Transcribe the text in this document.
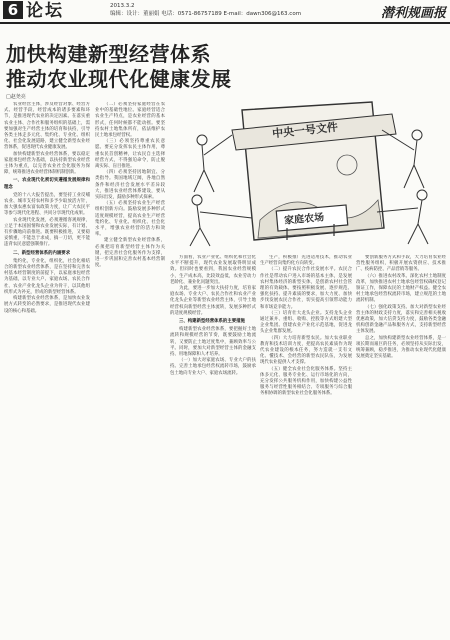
6 论坛	2013.3.2
编辑：设计：董丽娟 电话：0571-86757189 E-mail：dawn306@163.com	潜利规画报
加快构建新型经营体系
推动农业现代化健康发展
□赵尧亮
中央一号文件
家庭农场

农业经营主体，涉及经营对象、经营方式、经营手段、经营成本的诸多要素和环节，是推进现代农业的决定因素。在落实重农业主体、合作社和服务组织的基础上，需要加强对生产经营主体的培育和扶持，引导各类主体走多元化、集约化、专业化、组织化、社会化发展道路，建立健全新型农业经营体系，促进现代农业健康发展。

加快构建新型农业经营体系，要以稳定家庭承包经营为基础，以扶持新型农业经营主体为重点，以完善农业社会化服务为保障，统筹推进农业经营体制机制创新。

一、农业现代化须切实遵循发展规律和理念

党的十八大报告提出，要坚持工业反哺农业、城市支持农村和多予少取放活方针，加大强农惠农富农政策力度，让广大农民平等参与现代化进程、共同分享现代化成果。

农业现代化发展，必须遵循客观规律，立足于本国国情和农业发展实际，有计划、有步骤地向前推进。既要积极推进，又要稳妥慎重，不能急于求成，搞一刀切，更不能违背农民意愿强制推行。

二、新型经营体系的内涵要求

集约化，专业化，组织化，社会化相结合的新型农业经营体系，是在坚持和完善农村基本经营制度的前提下，以家庭承包经营为基础，以专业大户、家庭农场、农民合作社、农业产业化龙头企业为骨干，以其他组织形式为补充，形成的新型经营体系。

构建新型农业经营体系，是加快农业发展方式转变的必然要求，是推进现代农业建设的核心和基础。

（二）必须坚持家庭经营在农业中的基础性地位。家庭经营适合农业生产特点，是农业经营的基本形式，任何时候都不能动摇。要坚持农村土地集体所有，依法维护农民土地承包经营权。

（三）必须坚持尊重农民意愿。要充分发挥农民主体作用，尊重农民首创精神，让农民自主选择经营方式，不得强迫命令，防止脱离实际、盲目推进。

（四）必须坚持因地制宜、分类指导。我国地域辽阔，各地自然条件和经济社会发展水平差异较大，推进农业经营体系建设，要从实际出发，鼓励多种形式探索。

（五）必须坚持农业生产经营组织创新方向。鼓励发展多种形式适度规模经营，提高农业生产经营集约化、专业化、组织化、社会化水平，增强农业经营的活力和效率。

建立健全新型农业经营体系，必须把培育新型经营主体作为关键，把完善社会化服务作为支撑，进一步巩固和完善农村基本经营制度。

方面看，农业产业化、组织化和社会化水平不断提升，现代农业发展取得明显成效。但同时也要看到，我国农业经营规模小，生产成本高，比较效益低，农业劳动力老龄化、兼业化问题突出。

为此，要进一步加大扶持力度，培育家庭农场、专业大户、农民合作社和农业产业化龙头企业等新型农业经营主体，引导土地经营权向新型经营主体流转，发展多种形式的适度规模经营。

三、构建新型经营体系的主要措施

构建新型农业经营体系，要把握好土地流转和规模经营的节奏，既要鼓励土地流转，又要防止土地过度集中，兼顾效率与公平。同时，要加大对新型经营主体的金融支持、用地保障和人才培养。

（一）加大对家庭农场、专业大户的扶持。完善土地承包经营权流转市场，鼓励承包土地向专业大户、家庭农场流转。

生产，积极推广先进适用技术，推动农业生产经营向集约化方向转变。

（二）提升农民合作社发展水平。农民合作社是带动农户进入市场的基本主体，是发展农村集体经济的新型实体，是创新农村社会管理的有效载体。要按照积极发展、逐步规范、强化扶持、提升素质的要求，加大力度、加快步伐发展农民合作社，切实提高引领带动能力和市场竞争能力。

（三）培育壮大龙头企业。支持龙头企业通过兼并、重组、收购、控股等方式组建大型企业集团。创建农业产业化示范基地，促进龙头企业集群发展。

（四）大力培育新型农民。加大农业职业教育和技术培训力度，把提高农民素质作为现代农业建设的根本任务，努力造就一支有文化、懂技术、会经营的新型农民队伍，为发展现代农业提供人才支撑。

（五）健全农业社会化服务体系。坚持主体多元化、服务专业化、运行市场化的方向，充分发挥公共服务机构作用，加快构建公益性服务与经营性服务相结合、专项服务与综合服务相协调的新型农业社会化服务体系。

要创新服务方式和手段，大力培育农业经营性服务组织，积极开展农资供应、技术推广、疫病防控、产品营销等服务。

（六）推进农村改革。深化农村土地制度改革，加快推进农村土地承包经营权确权登记颁证工作，保障农民的土地财产权益。健全农村土地承包经营权流转市场，建立规范的土地流转机制。

（七）强化政策支持。加大对新型农业经营主体的财政支持力度，落实和完善相关税收优惠政策，加大信贷支持力度，鼓励各类金融机构创新金融产品和服务方式，支持新型经营主体发展。

总之，加快构建新型农业经营体系，是一项长期而艰巨的任务，必须坚持从实际出发，统筹兼顾，稳步推进，为推动农业现代化健康发展奠定坚实基础。
